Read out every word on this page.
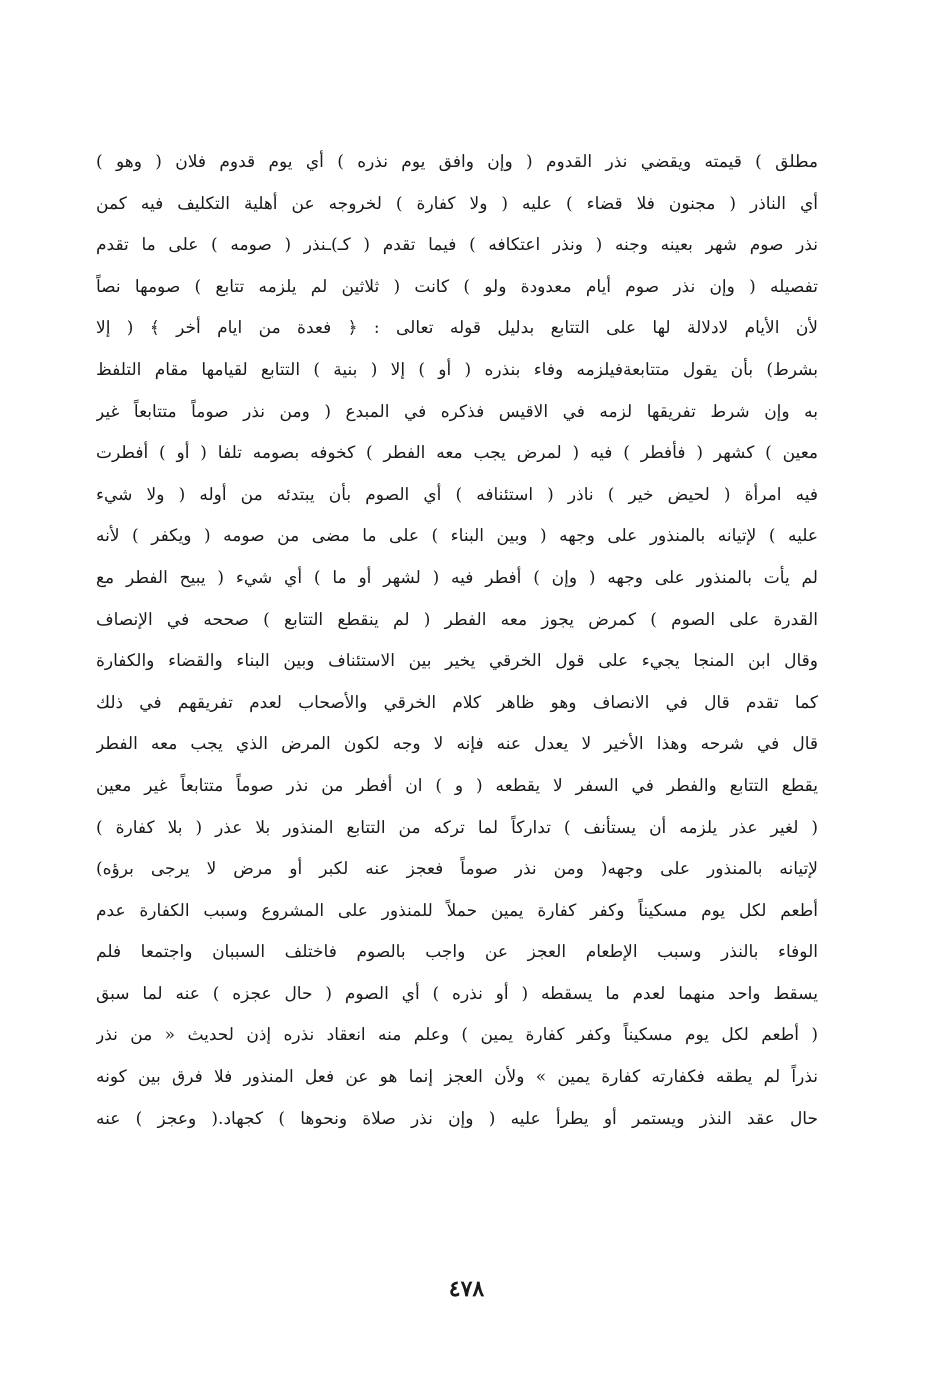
مطلق ) قيمته ويقضي نذر القدوم ( وإن وافق يوم نذره ) أي يوم قدوم فلان ( وهو )
أي الناذر ( مجنون فلا قضاء ) عليه ( ولا كفارة ) لخروجه عن أهلية التكليف فيه كمن
نذر صوم شهر بعينه وجنه ( ونذر اعتكافه ) فيما تقدم ( كـ)ـنذر ( صومه ) على ما تقدم
تفصيله ( وإن نذر صوم أيام معدودة ولو ) كانت ( ثلاثين لم يلزمه تتابع ) صومها نصاً
لأن الأيام لادلالة لها على التتابع بدليل قوله تعالى : ﴿ فعدة من ايام أخر ﴾ ( إلا
بشرط) بأن يقول متتابعةفيلزمه وفاء بنذره ( أو ) إلا ( بنية ) التتابع لقيامها مقام التلفظ
به وإن شرط تفريقها لزمه في الاقيس فذكره في المبدع ( ومن نذر صوماً متتابعاً غير
معين ) كشهر ( فأفطر ) فيه ( لمرض يجب معه الفطر ) كخوفه بصومه تلفا ( أو ) أفطرت
فيه امرأة ( لحيض خير ) ناذر ( استئنافه ) أي الصوم بأن يبتدئه من أوله ( ولا شيء
عليه ) لإتيانه بالمنذور على وجهه ( وبين البناء ) على ما مضى من صومه ( ويكفر ) لأنه
لم يأت بالمنذور على وجهه ( وإن ) أفطر فيه ( لشهر أو ما ) أي شيء ( يبيح الفطر مع
القدرة على الصوم ) كمرض يجوز معه الفطر ( لم ينقطع التتابع ) صححه في الإنصاف
وقال ابن المنجا يجيء على قول الخرقي يخير بين الاستئناف وبين البناء والقضاء والكفارة
كما تقدم قال في الانصاف وهو ظاهر كلام الخرقي والأصحاب لعدم تفريقهم في ذلك
قال في شرحه وهذا الأخير لا يعدل عنه فإنه لا وجه لكون المرض الذي يجب معه الفطر
يقطع التتابع والفطر في السفر لا يقطعه ( و ) ان أفطر من نذر صوماً متتابعاً غير معين
( لغير عذر يلزمه أن يستأنف ) تداركاً لما تركه من التتابع المنذور بلا عذر ( بلا كفارة )
لإتيانه بالمنذور على وجهه( ومن نذر صوماً فعجز عنه لكبر أو مرض لا يرجى برؤه)
أطعم لكل يوم مسكيناً وكفر كفارة يمين حملاً للمنذور على المشروع وسبب الكفارة عدم
الوفاء بالنذر وسبب الإطعام العجز عن واجب بالصوم فاختلف السببان واجتمعا فلم
يسقط واحد منهما لعدم ما يسقطه ( أو نذره ) أي الصوم ( حال عجزه ) عنه لما سبق
( أطعم لكل يوم مسكيناً وكفر كفارة يمين ) وعلم منه انعقاد نذره إذن لحديث « من نذر
نذراً لم يطقه فكفارته كفارة يمين » ولأن العجز إنما هو عن فعل المنذور فلا فرق بين كونه
حال عقد النذر ويستمر أو يطرأ عليه ( وإن نذر صلاة ونحوها ) كجهاد.( وعجز ) عنه
٤٧٨
